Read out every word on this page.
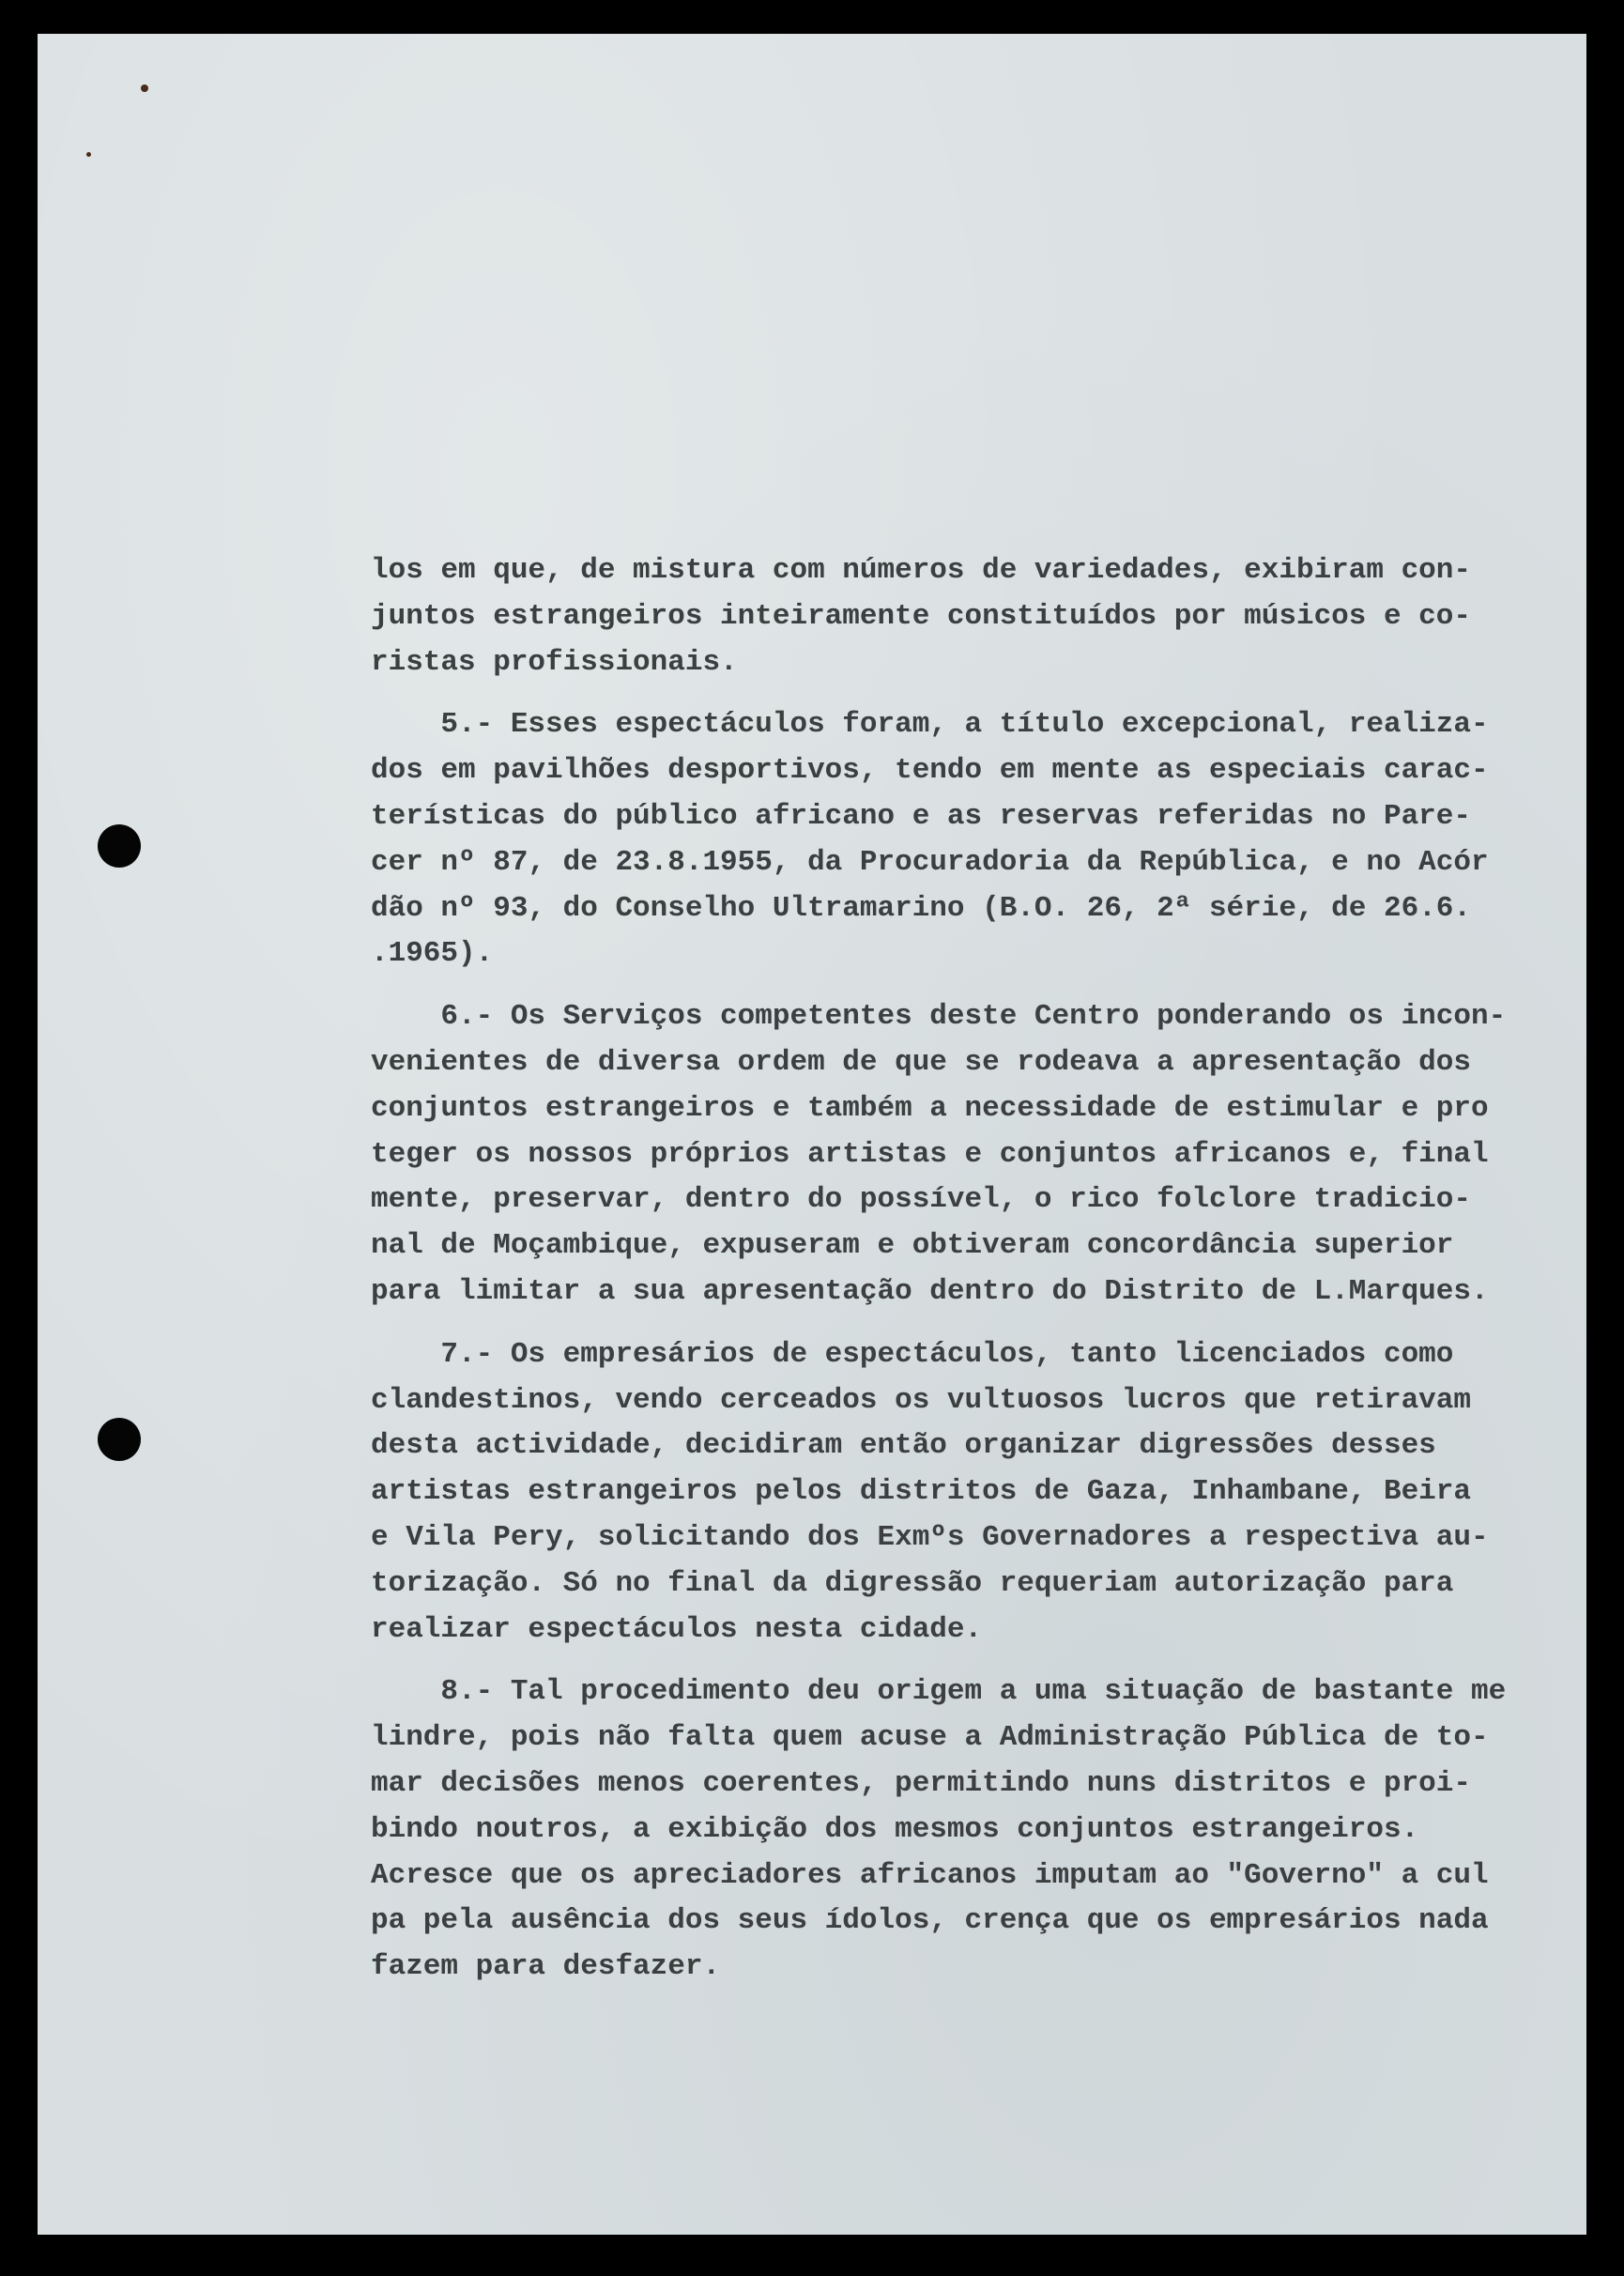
los em que, de mistura com números de variedades, exibiram con-
juntos estrangeiros inteiramente constituídos por músicos e co-
ristas profissionais.
5.- Esses espectáculos foram, a título excepcional, realiza-
dos em pavilhões desportivos, tendo em mente as especiais carac-
terísticas do público africano e as reservas referidas no Pare-
cer nº 87, de 23.8.1955, da Procuradoria da República, e no Acór
dão nº 93, do Conselho Ultramarino (B.O. 26, 2ª série, de 26.6.
.1965).
6.- Os Serviços competentes deste Centro ponderando os incon-
venientes de diversa ordem de que se rodeava a apresentação dos
conjuntos estrangeiros e também a necessidade de estimular e pro
teger os nossos próprios artistas e conjuntos africanos e, final
mente, preservar, dentro do possível, o rico folclore tradicio-
nal de Moçambique, expuseram e obtiveram concordância superior
para limitar a sua apresentação dentro do Distrito de L.Marques.
7.- Os empresários de espectáculos, tanto licenciados como
clandestinos, vendo cerceados os vultuosos lucros que retiravam
desta actividade, decidiram então organizar digressões desses
artistas estrangeiros pelos distritos de Gaza, Inhambane, Beira
e Vila Pery, solicitando dos Exmºs Governadores a respectiva au-
torização. Só no final da digressão requeriam autorização para
realizar espectáculos nesta cidade.
8.- Tal procedimento deu origem a uma situação de bastante me
lindre, pois não falta quem acuse a Administração Pública de to-
mar decisões menos coerentes, permitindo nuns distritos e proi-
bindo noutros, a exibição dos mesmos conjuntos estrangeiros.
Acresce que os apreciadores africanos imputam ao "Governo" a cul
pa pela ausência dos seus ídolos, crença que os empresários nada
fazem para desfazer.
